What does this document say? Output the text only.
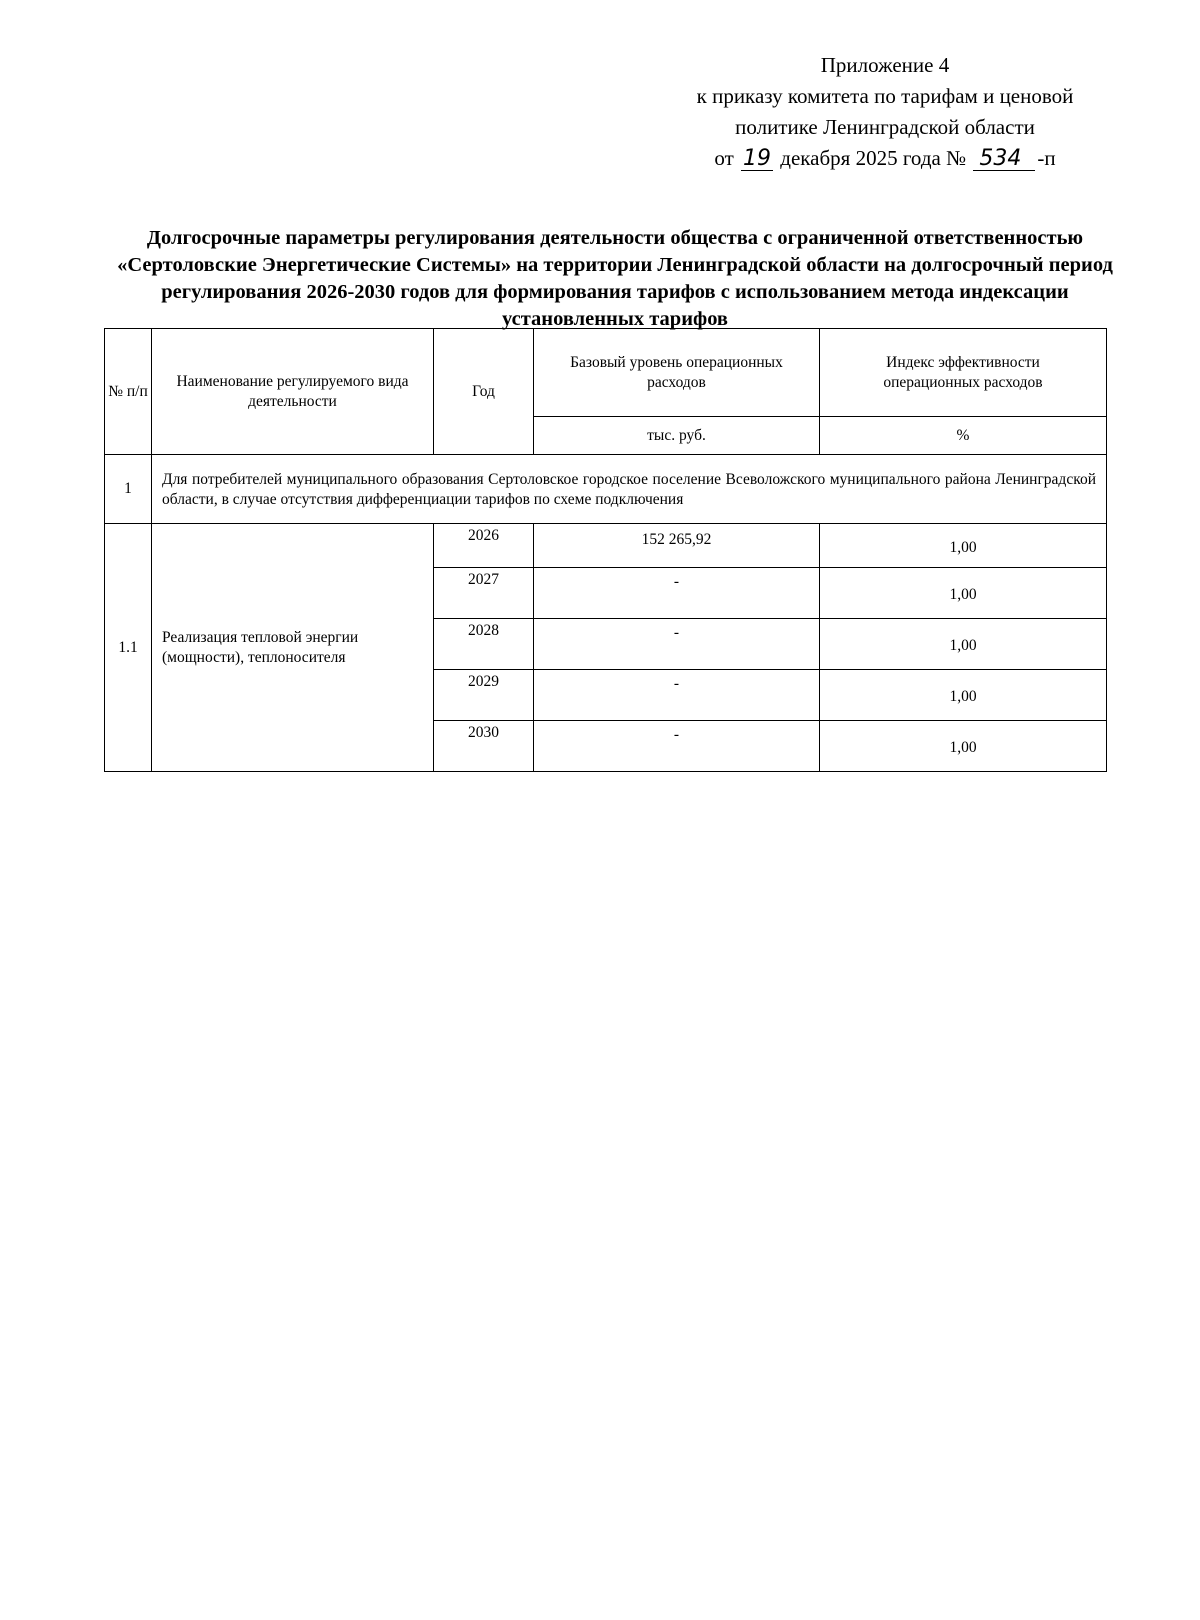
Приложение 4
к приказу комитета по тарифам и ценовой
политике Ленинградской области
от 19 декабря 2025 года № 534 -п
Долгосрочные параметры регулирования деятельности общества с ограниченной ответственностью «Сертоловские Энергетические Системы» на территории Ленинградской области на долгосрочный период регулирования 2026-2030 годов для формирования тарифов с использованием метода индексации установленных тарифов
№ п/п	Наименование регулируемого вида деятельности	Год	Базовый уровень операционных расходов	Индекс эффективности операционных расходов
			тыс. руб.	%
1	Для потребителей муниципального образования Сертоловское городское поселение Всеволожского муниципального района Ленинградской области, в случае отсутствия дифференциации тарифов по схеме подключения			
1.1	Реализация тепловой энергии (мощности), теплоносителя	2026	152 265,92	1,00
		2027	-	1,00
		2028	-	1,00
		2029	-	1,00
		2030	-	1,00
